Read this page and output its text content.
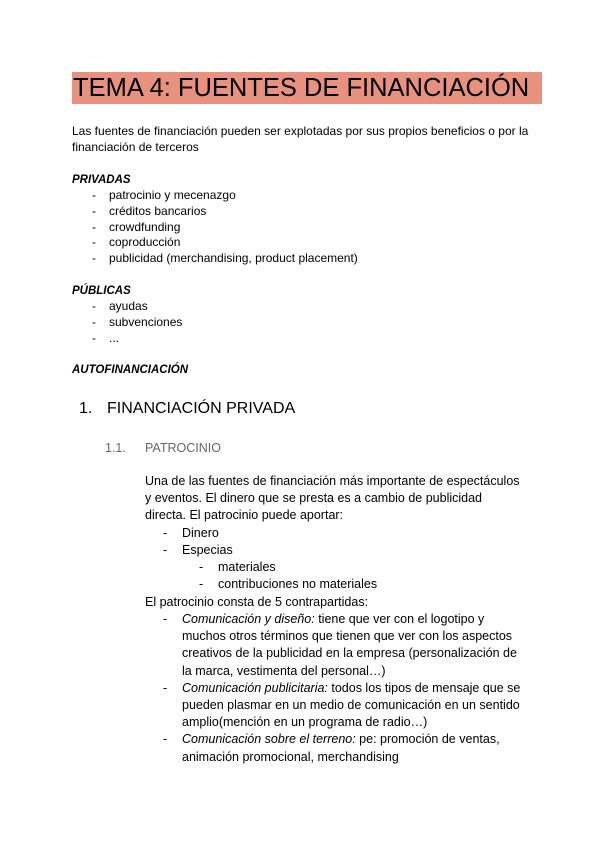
TEMA 4: FUENTES DE FINANCIACIÓN
Las fuentes de financiación pueden ser explotadas por sus propios beneficios o por la financiación de terceros
PRIVADAS
- patrocinio y mecenazgo
- créditos bancarios
- crowdfunding
- coproducción
- publicidad (merchandising, product placement)
PÚBLICAS
- ayudas
- subvenciones
- ...
AUTOFINANCIACIÓN
1. FINANCIACIÓN PRIVADA
1.1. PATROCINIO
Una de las fuentes de financiación más importante de espectáculos y eventos. El dinero que se presta es a cambio de publicidad directa. El patrocinio puede aportar:
- Dinero
- Especias
- materiales
- contribuciones no materiales
El patrocinio consta de 5 contrapartidas:
- Comunicación y diseño: tiene que ver con el logotipo y muchos otros términos que tienen que ver con los aspectos creativos de la publicidad en la empresa (personalización de la marca, vestimenta del personal…)
- Comunicación publicitaria: todos los tipos de mensaje que se pueden plasmar en un medio de comunicación en un sentido amplio(mención en un programa de radio…)
- Comunicación sobre el terreno: pe: promoción de ventas, animación promocional, merchandising
